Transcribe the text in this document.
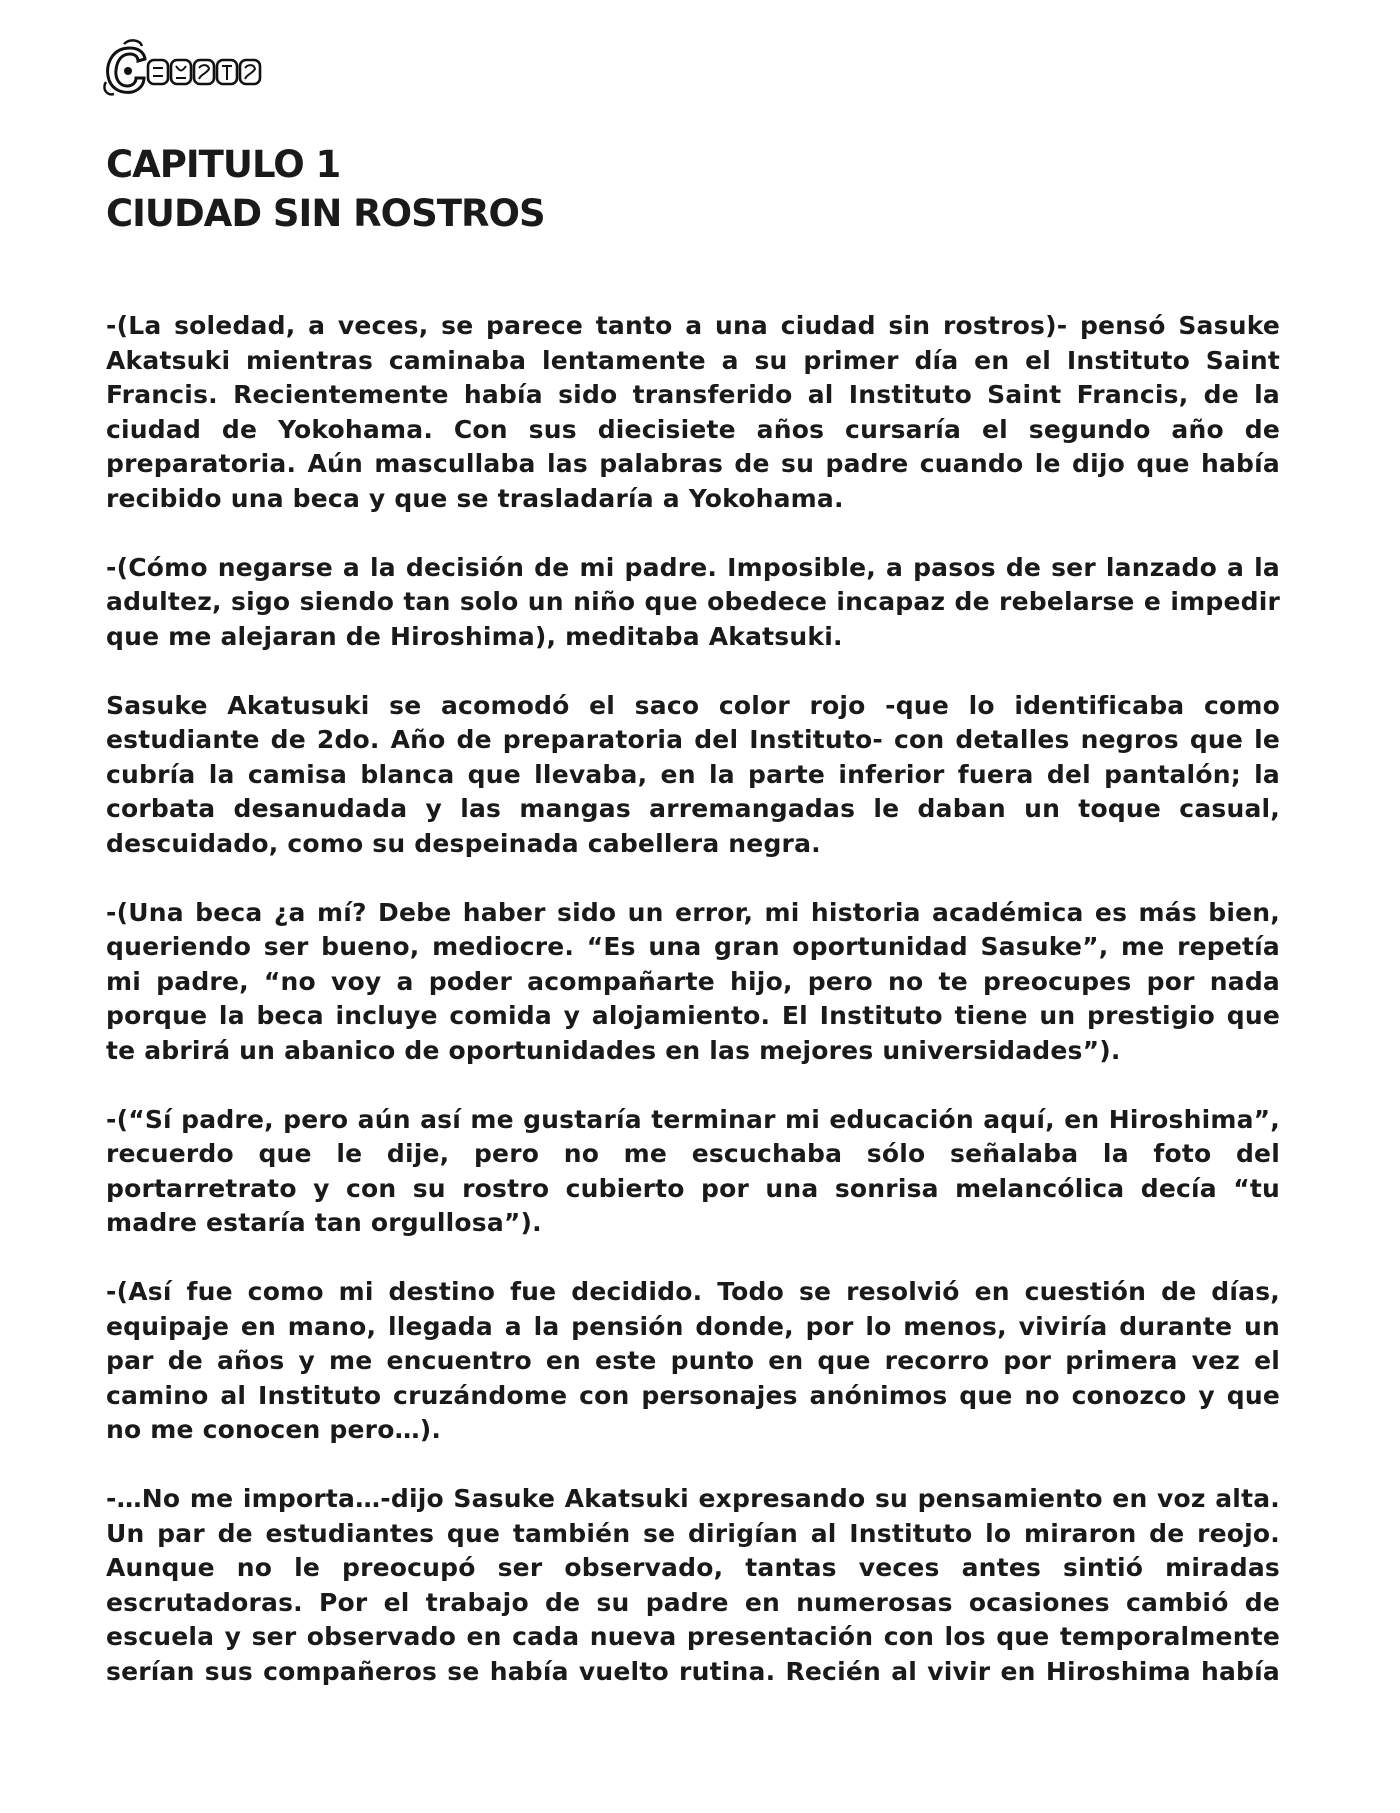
CAPITULO 1
CIUDAD SIN ROSTROS

-(La soledad, a veces, se parece tanto a una ciudad sin rostros)- pensó Sasuke Akatsuki mientras caminaba lentamente a su primer día en el Instituto Saint Francis. Recientemente había sido transferido al Instituto Saint Francis, de la ciudad de Yokohama. Con sus diecisiete años cursaría el segundo año de preparatoria. Aún mascullaba las palabras de su padre cuando le dijo que había recibido una beca y que se trasladaría a Yokohama.

-(Cómo negarse a la decisión de mi padre. Imposible, a pasos de ser lanzado a la adultez, sigo siendo tan solo un niño que obedece incapaz de rebelarse e impedir que me alejaran de Hiroshima), meditaba Akatsuki.

Sasuke Akatusuki se acomodó el saco color rojo -que lo identificaba como estudiante de 2do. Año de preparatoria del Instituto- con detalles negros que le cubría la camisa blanca que llevaba, en la parte inferior fuera del pantalón; la corbata desanudada y las mangas arremangadas le daban un toque casual, descuidado, como su despeinada cabellera negra.

-(Una beca ¿a mí? Debe haber sido un error, mi historia académica es más bien, queriendo ser bueno, mediocre. “Es una gran oportunidad Sasuke”, me repetía mi padre, “no voy a poder acompañarte hijo, pero no te preocupes por nada porque la beca incluye comida y alojamiento. El Instituto tiene un prestigio que te abrirá un abanico de oportunidades en las mejores universidades”).

-(“Sí padre, pero aún así me gustaría terminar mi educación aquí, en Hiroshima”, recuerdo que le dije, pero no me escuchaba sólo señalaba la foto del portarretrato y con su rostro cubierto por una sonrisa melancólica decía “tu madre estaría tan orgullosa”).

-(Así fue como mi destino fue decidido. Todo se resolvió en cuestión de días, equipaje en mano, llegada a la pensión donde, por lo menos, viviría durante un par de años y me encuentro en este punto en que recorro por primera vez el camino al Instituto cruzándome con personajes anónimos que no conozco y que no me conocen pero…).

-…No me importa…-dijo Sasuke Akatsuki expresando su pensamiento en voz alta. Un par de estudiantes que también se dirigían al Instituto lo miraron de reojo. Aunque no le preocupó ser observado, tantas veces antes sintió miradas escrutadoras. Por el trabajo de su padre en numerosas ocasiones cambió de escuela y ser observado en cada nueva presentación con los que temporalmente serían sus compañeros se había vuelto rutina. Recién al vivir en Hiroshima había
